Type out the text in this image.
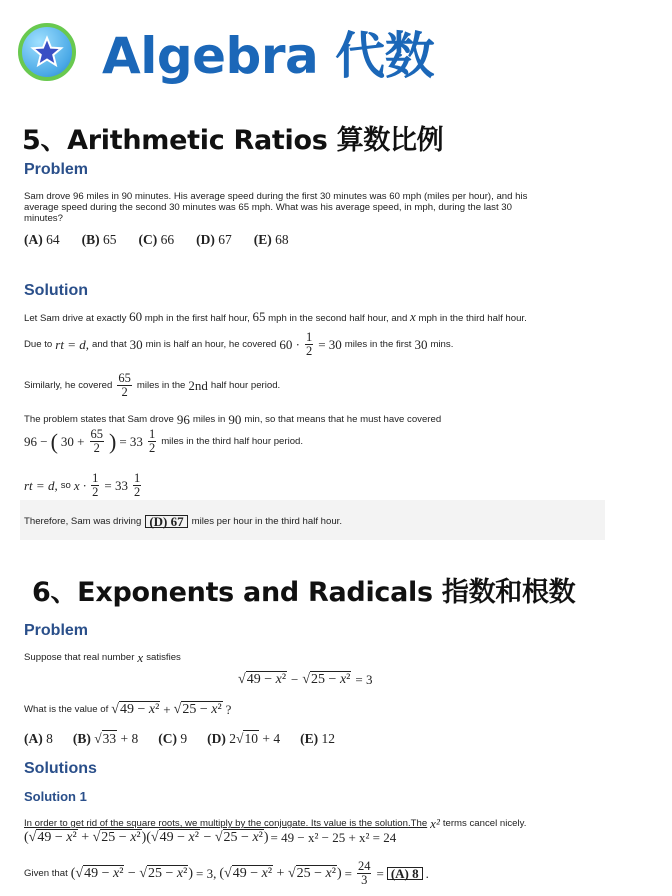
Algebra 代数
5、Arithmetic Ratios 算数比例
Problem
Sam drove 96 miles in 90 minutes. His average speed during the first 30 minutes was 60 mph (miles per hour), and his
average speed during the second 30 minutes was 65 mph. What was his average speed, in mph, during the last 30
minutes?
(A) 64 (B) 65 (C) 66 (D) 67 (E) 68
Solution
Let Sam drive at exactly 60 mph in the first half hour, 65 mph in the second half hour, and x mph in the third half hour.
Due to rt = d, and that 30 min is half an hour, he covered $60 \cdot \frac{1}{2} = 30$ miles in the first 30 mins.
Similarly, he covered $\frac{65}{2}$ miles in the 2nd half hour period.
The problem states that Sam drove 96 miles in 90 min, so that means that he must have covered
96 − ( $30 + \frac{65}{2}$ ) = $33 \frac{1}{2}$ miles in the third half hour period.
rt = d, so $x \cdot \frac{1}{2} = 33 \frac{1}{2}$
Therefore, Sam was driving (D) 67 miles per hour in the third half hour.
6、Exponents and Radicals 指数和根数
Problem
Suppose that real number x satisfies
√49 − x² − √25 − x² = 3
What is the value of √49 − x² + √25 − x² ?
(A) 8 (B) √33 + 8 (C) 9 (D) 2√10 + 4 (E) 12
Solutions
Solution 1
In order to get rid of the square roots, we multiply by the conjugate. Its value is the solution.The x² terms cancel nicely.
(√49 − x² + √25 − x²)(√49 − x² − √25 − x²) = 49 − x² − 25 + x² = 24
Given that (√49 − x² − √25 − x²) = 3, $(√49 - x^2 + √25 - x^2) = \frac{24}{3} = (A)$ 8 .
